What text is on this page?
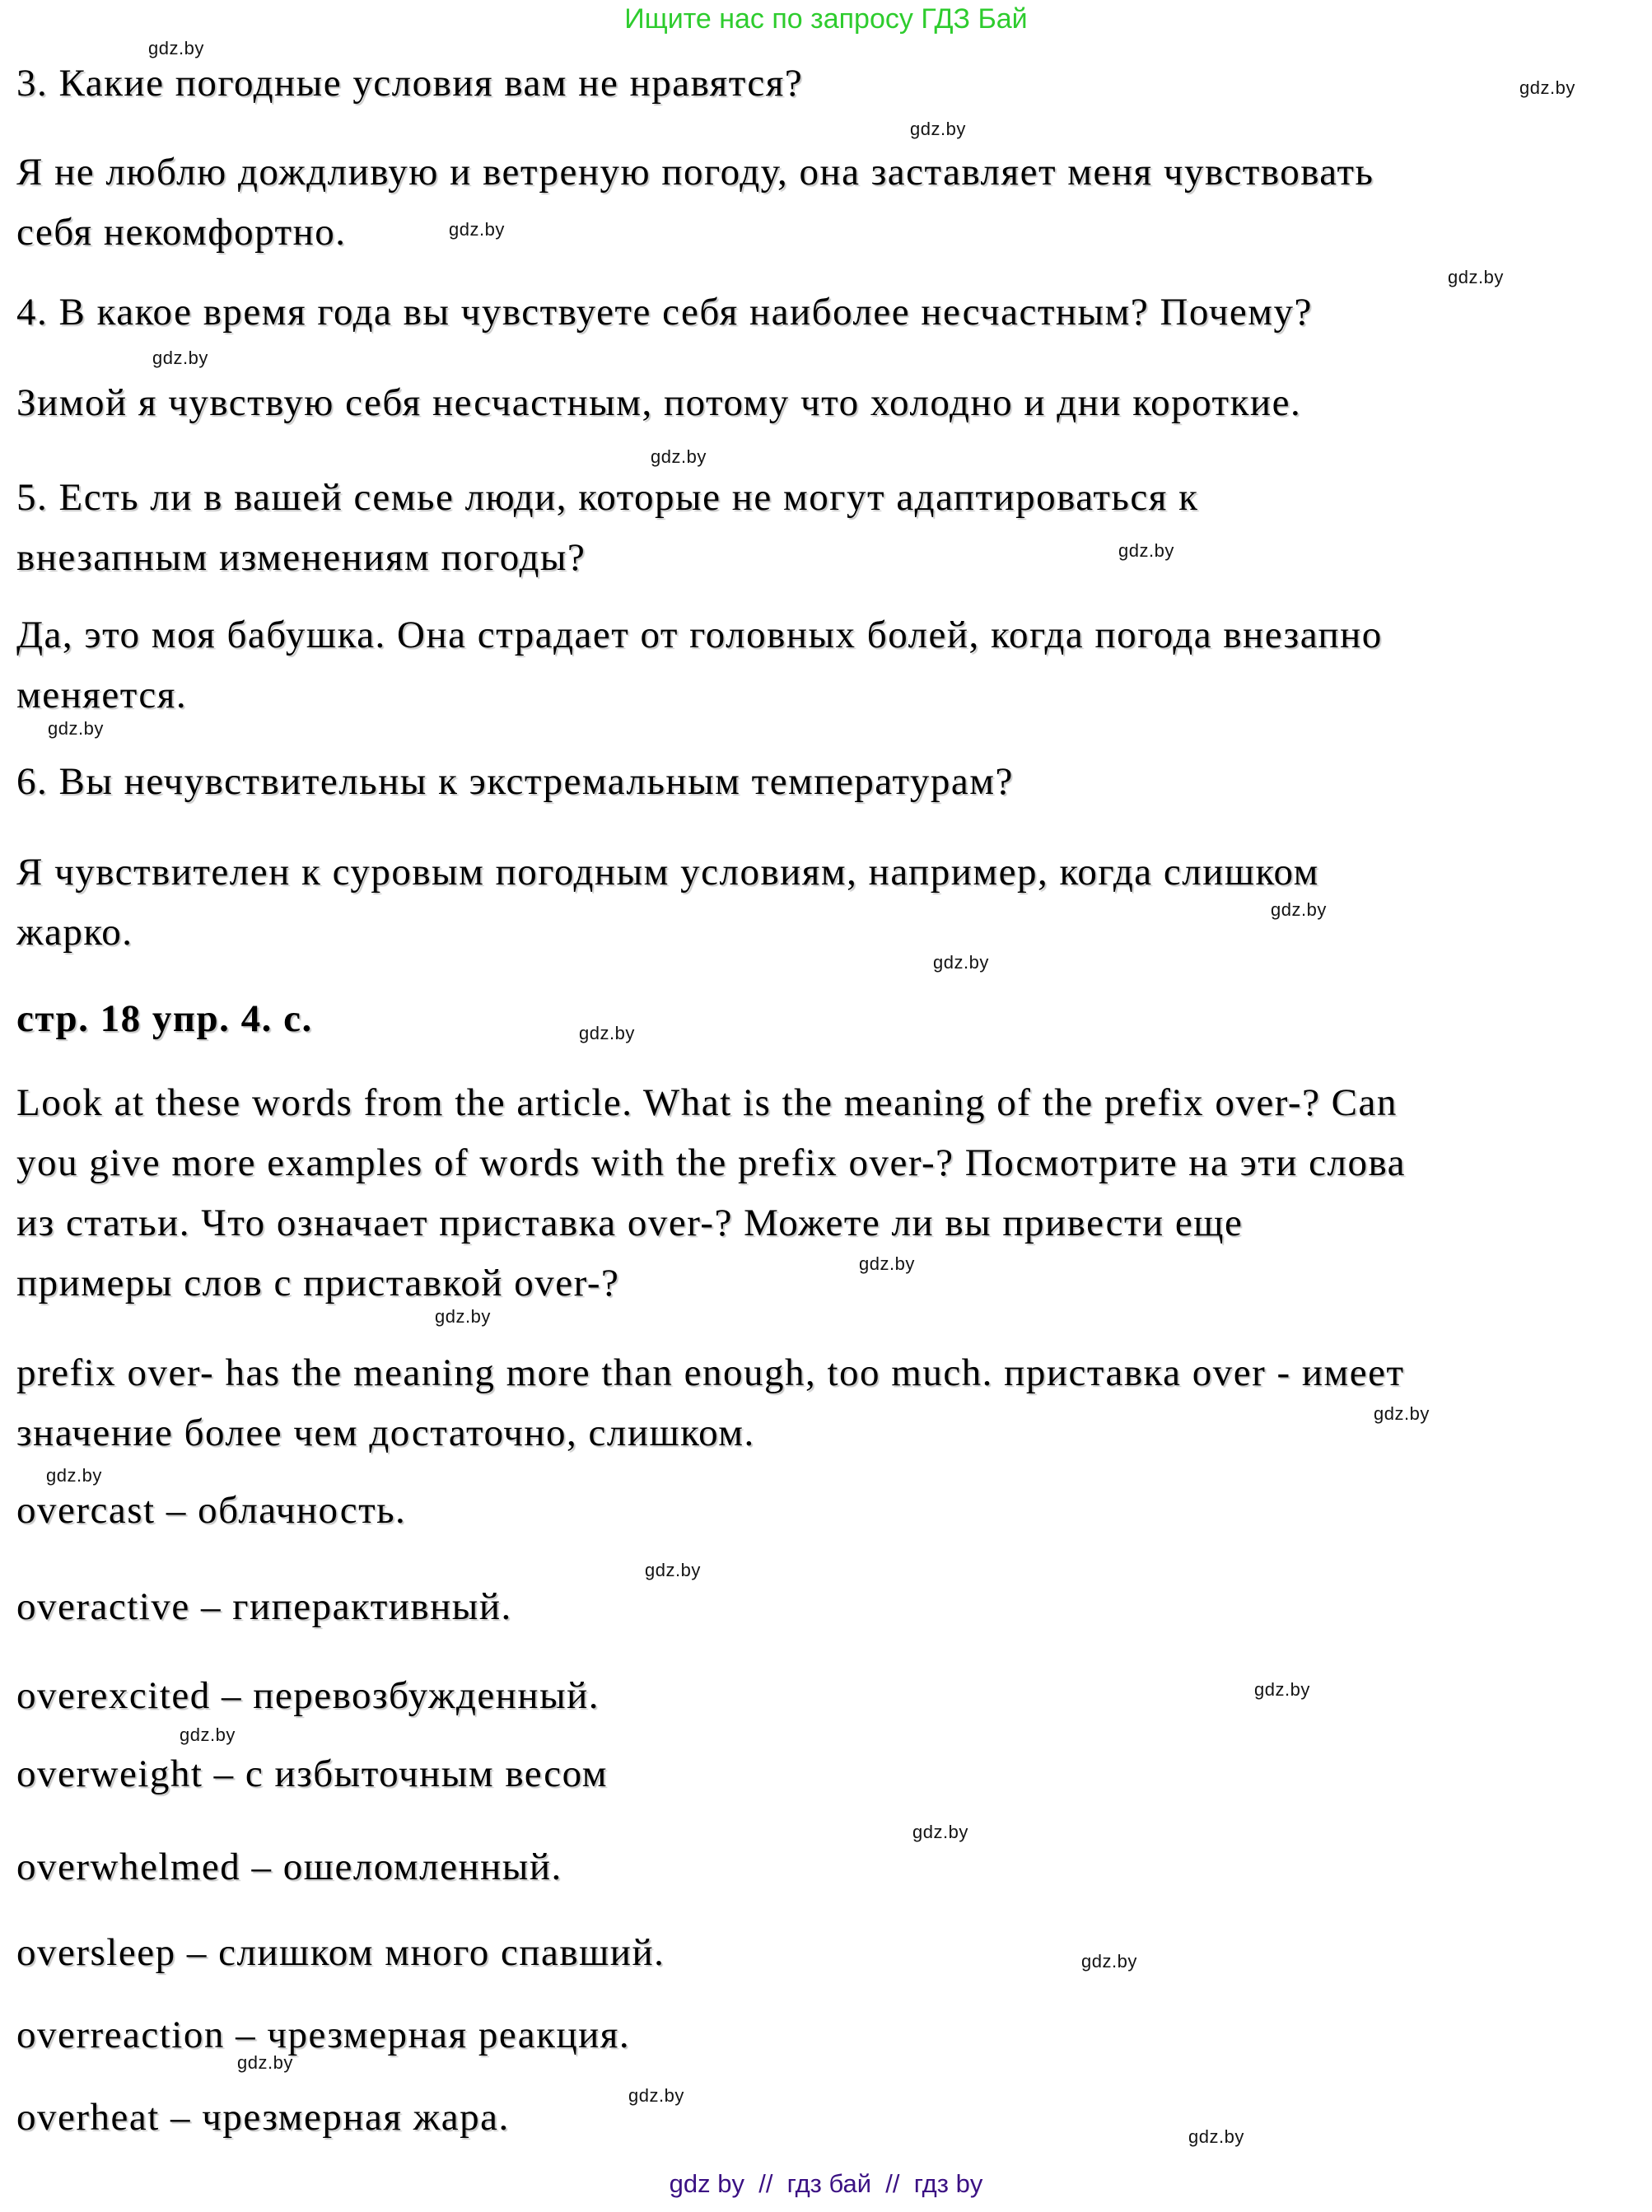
Ищите нас по запросу ГДЗ Бай
3. Какие погодные условия вам не нравятся?
Я не люблю дождливую и ветреную погоду, она заставляет меня чувствовать
себя некомфортно.
4. В какое время года вы чувствуете себя наиболее несчастным? Почему?
Зимой я чувствую себя несчастным, потому что холодно и дни короткие.
5. Есть ли в вашей семье люди, которые не могут адаптироваться к
внезапным изменениям погоды?
Да, это моя бабушка. Она страдает от головных болей, когда погода внезапно
меняется.
6. Вы нечувствительны к экстремальным температурам?
Я чувствителен к суровым погодным условиям, например, когда слишком
жарко.
стр. 18 упр. 4. с.
Look at these words from the article. What is the meaning of the prefix over-? Can
you give more examples of words with the prefix over-? Посмотрите на эти слова
из статьи. Что означает приставка over-? Можете ли вы привести еще
примеры слов с приставкой over-?
prefix over- has the meaning more than enough, too much. приставка over - имеет
значение более чем достаточно, слишком.
overcast – облачность.
overactive – гиперактивный.
overexcited – перевозбужденный.
overweight – с избыточным весом
overwhelmed – ошеломленный.
oversleep – слишком много спавший.
overreaction – чрезмерная реакция.
overheat – чрезмерная жара.
gdz.by
gdz.by
gdz.by
gdz.by
gdz.by
gdz.by
gdz.by
gdz.by
gdz.by
gdz.by
gdz.by
gdz.by
gdz.by
gdz.by
gdz.by
gdz.by
gdz.by
gdz.by
gdz.by
gdz.by
gdz.by
gdz.by
gdz.by
gdz.by
gdz by  //  гдз бай  //  гдз by
